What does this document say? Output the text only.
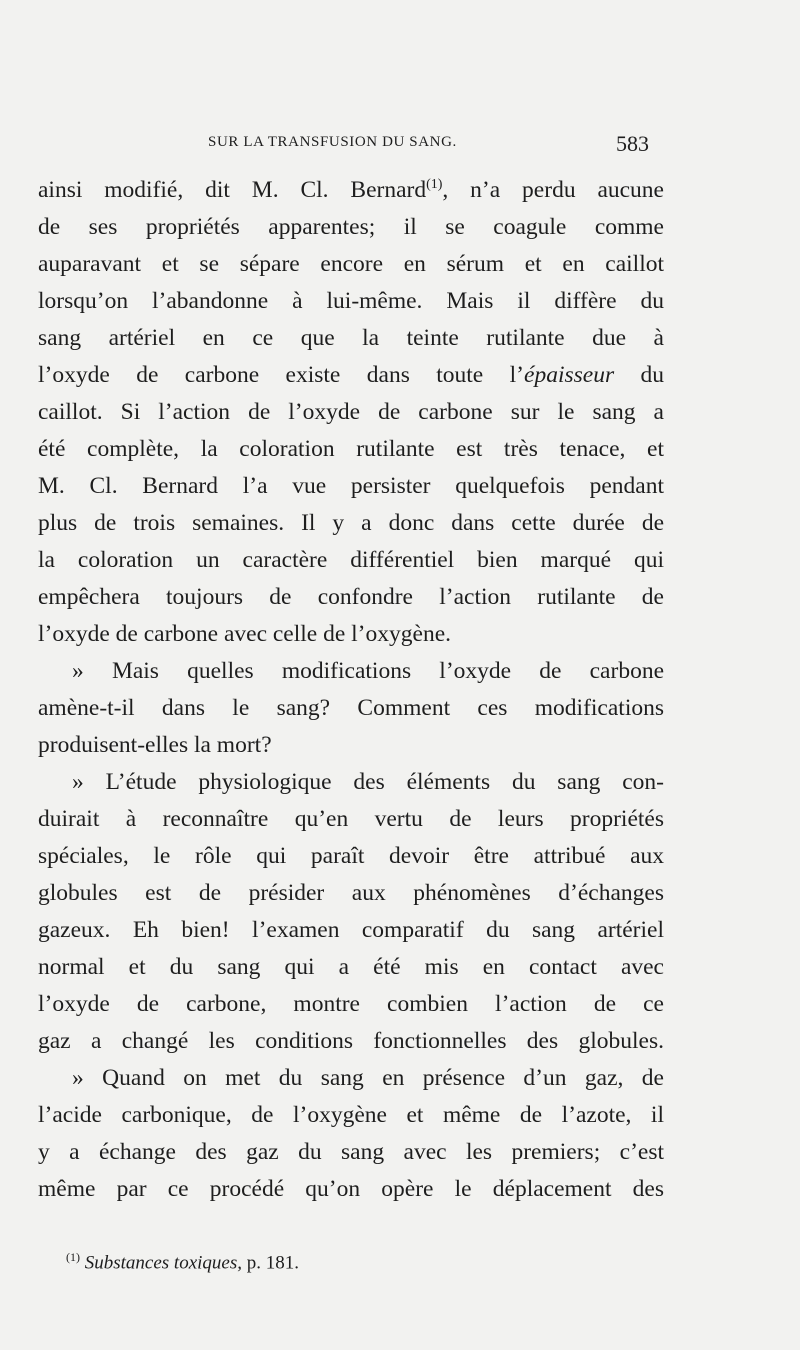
SUR LA TRANSFUSION DU SANG.	583
ainsi modifié, dit M. Cl. Bernard$^{(1)}$, n’a perdu aucune
de ses propriétés apparentes; il se coagule comme
auparavant et se sépare encore en sérum et en caillot
lorsqu’on l’abandonne à lui-même. Mais il diffère du
sang artériel en ce que la teinte rutilante due à
l’oxyde de carbone existe dans toute l’épaisseur du
caillot. Si l’action de l’oxyde de carbone sur le sang a
été complète, la coloration rutilante est très tenace, et
M. Cl. Bernard l’a vue persister quelquefois pendant
plus de trois semaines. Il y a donc dans cette durée de
la coloration un caractère différentiel bien marqué qui
empêchera toujours de confondre l’action rutilante de
l’oxyde de carbone avec celle de l’oxygène.
» Mais quelles modifications l’oxyde de carbone
amène-t-il dans le sang? Comment ces modifications
produisent-elles la mort?
» L’étude physiologique des éléments du sang con-
duirait à reconnaître qu’en vertu de leurs propriétés
spéciales, le rôle qui paraît devoir être attribué aux
globules est de présider aux phénomènes d’échanges
gazeux. Eh bien! l’examen comparatif du sang artériel
normal et du sang qui a été mis en contact avec
l’oxyde de carbone, montre combien l’action de ce
gaz a changé les conditions fonctionnelles des globules.
» Quand on met du sang en présence d’un gaz, de
l’acide carbonique, de l’oxygène et même de l’azote, il
y a échange des gaz du sang avec les premiers; c’est
même par ce procédé qu’on opère le déplacement des
$^{(1)}$ Substances toxiques, p. 181.
